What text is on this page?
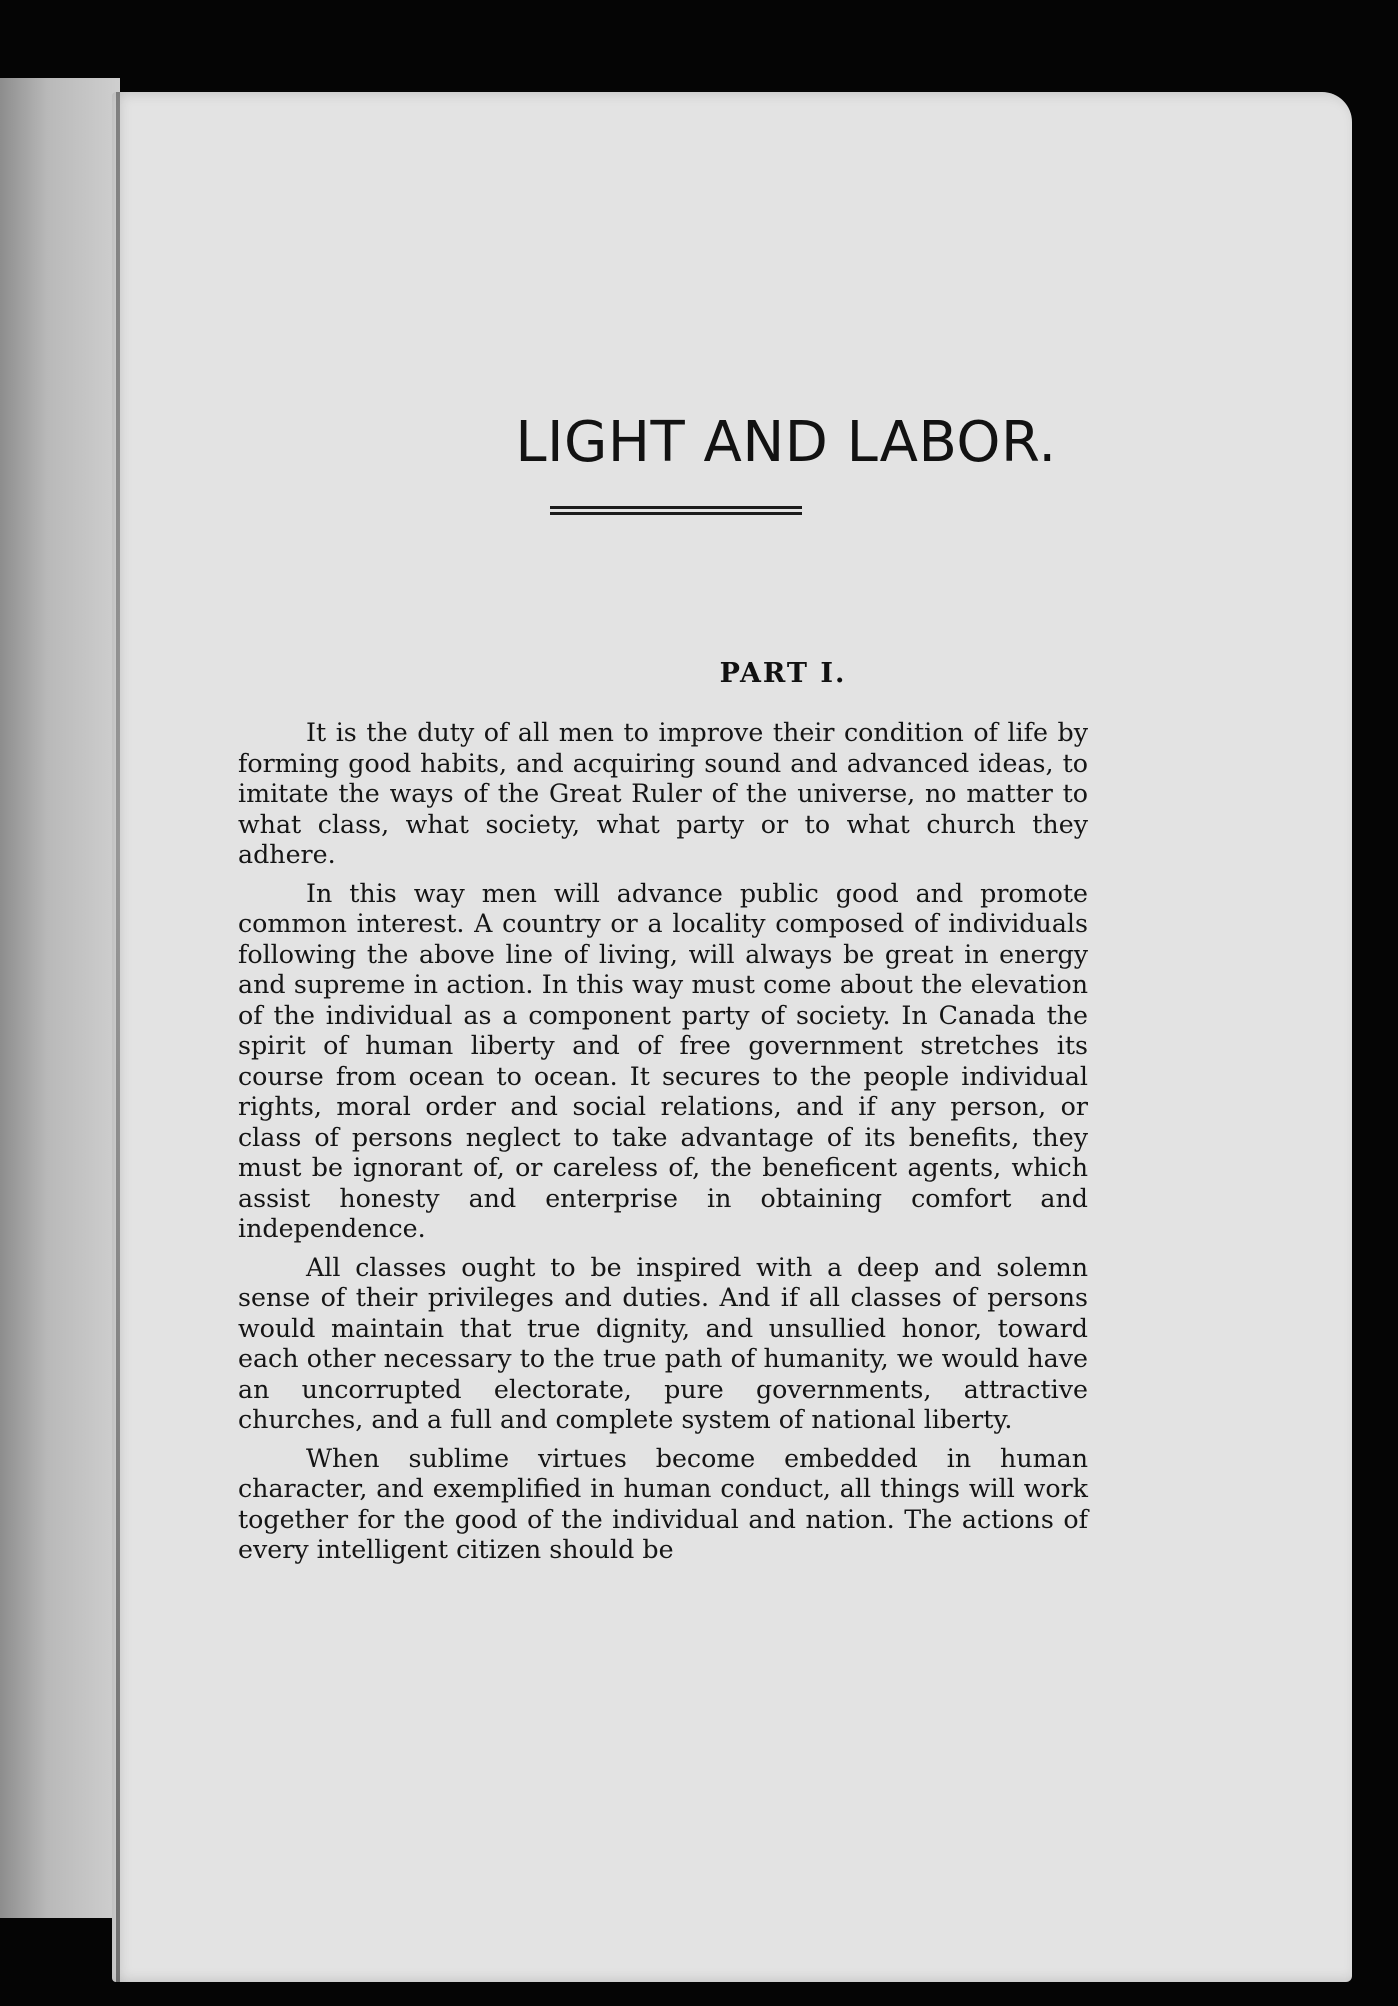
LIGHT AND LABOR.
PART I.

It is the duty of all men to improve their condition of life by forming good habits, and acquiring sound and advanced ideas, to imitate the ways of the Great Ruler of the universe, no matter to what class, what society, what party or to what church they adhere.

In this way men will advance public good and promote common interest. A country or a locality composed of individuals following the above line of living, will always be great in energy and supreme in action. In this way must come about the elevation of the individual as a component party of society. In Canada the spirit of human liberty and of free government stretches its course from ocean to ocean. It secures to the people individual rights, moral order and social relations, and if any person, or class of persons neglect to take advantage of its benefits, they must be ignorant of, or careless of, the beneficent agents, which assist honesty and enterprise in obtaining comfort and independence.

All classes ought to be inspired with a deep and solemn sense of their privileges and duties. And if all classes of persons would maintain that true dignity, and unsullied honor, toward each other necessary to the true path of humanity, we would have an uncorrupted electorate, pure governments, attractive churches, and a full and complete system of national liberty.

When sublime virtues become embedded in human character, and exemplified in human conduct, all things will work together for the good of the individual and nation. The actions of every intelligent citizen should be
